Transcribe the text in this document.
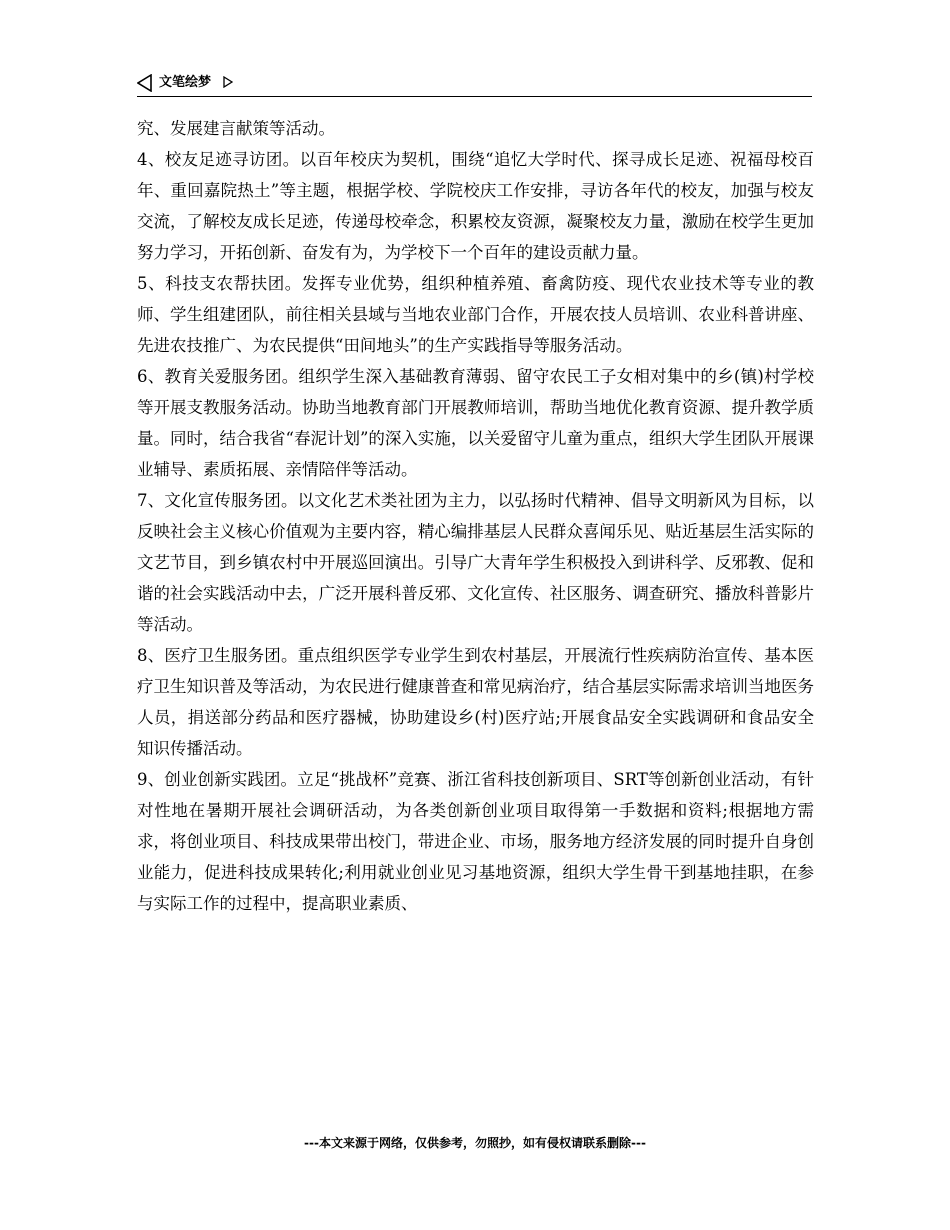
文笔绘梦

究、发展建言献策等活动。

4、校友足迹寻访团。以百年校庆为契机，围绕“追忆大学时代、探寻成长足迹、祝福母校百年、重回嘉院热土”等主题，根据学校、学院校庆工作安排，寻访各年代的校友，加强与校友交流，了解校友成长足迹，传递母校牵念，积累校友资源，凝聚校友力量，激励在校学生更加努力学习，开拓创新、奋发有为，为学校下一个百年的建设贡献力量。

5、科技支农帮扶团。发挥专业优势，组织种植养殖、畜禽防疫、现代农业技术等专业的教师、学生组建团队，前往相关县域与当地农业部门合作，开展农技人员培训、农业科普讲座、先进农技推广、为农民提供“田间地头”的生产实践指导等服务活动。

6、教育关爱服务团。组织学生深入基础教育薄弱、留守农民工子女相对集中的乡(镇)村学校等开展支教服务活动。协助当地教育部门开展教师培训，帮助当地优化教育资源、提升教学质量。同时，结合我省“春泥计划”的深入实施，以关爱留守儿童为重点，组织大学生团队开展课业辅导、素质拓展、亲情陪伴等活动。

7、文化宣传服务团。以文化艺术类社团为主力，以弘扬时代精神、倡导文明新风为目标，以反映社会主义核心价值观为主要内容，精心编排基层人民群众喜闻乐见、贴近基层生活实际的文艺节目，到乡镇农村中开展巡回演出。引导广大青年学生积极投入到讲科学、反邪教、促和谐的社会实践活动中去，广泛开展科普反邪、文化宣传、社区服务、调查研究、播放科普影片等活动。

8、医疗卫生服务团。重点组织医学专业学生到农村基层，开展流行性疾病防治宣传、基本医疗卫生知识普及等活动，为农民进行健康普查和常见病治疗，结合基层实际需求培训当地医务人员，捐送部分药品和医疗器械，协助建设乡(村)医疗站;开展食品安全实践调研和食品安全知识传播活动。

9、创业创新实践团。立足“挑战杯”竞赛、浙江省科技创新项目、SRT等创新创业活动，有针对性地在暑期开展社会调研活动，为各类创新创业项目取得第一手数据和资料;根据地方需求，将创业项目、科技成果带出校门，带进企业、市场，服务地方经济发展的同时提升自身创业能力，促进科技成果转化;利用就业创业见习基地资源，组织大学生骨干到基地挂职，在参与实际工作的过程中，提高职业素质、

---本文来源于网络，仅供参考，勿照抄，如有侵权请联系删除---
